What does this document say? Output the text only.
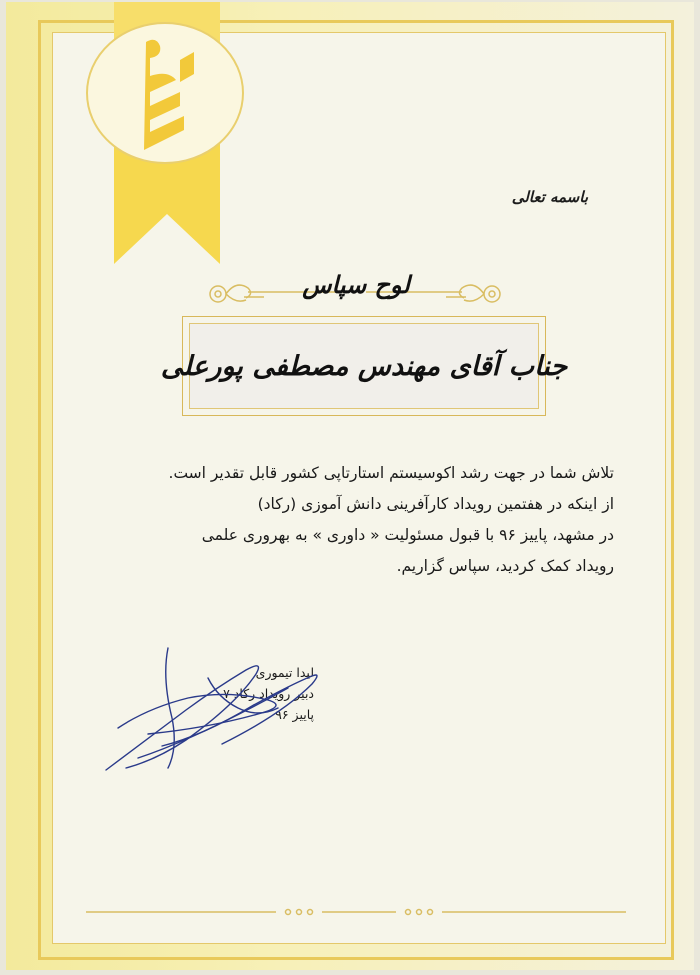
باسمه تعالی
لوح سپاس
جناب آقای مهندس مصطفی پورعلی
تلاش شما در جهت رشد اکوسیستم استارتاپی کشور قابل تقدیر است.
از اینکه در هفتمین رویداد کارآفرینی دانش آموزی (رکاد)
در مشهد، پاییز ۹۶ با قبول مسئولیت « داوری » به بهروری علمی
رویداد کمک کردید، سپاس گزاریم.
لیدا تیموری
دبیر رویداد رکاد ۷
پاییز ۹۶
